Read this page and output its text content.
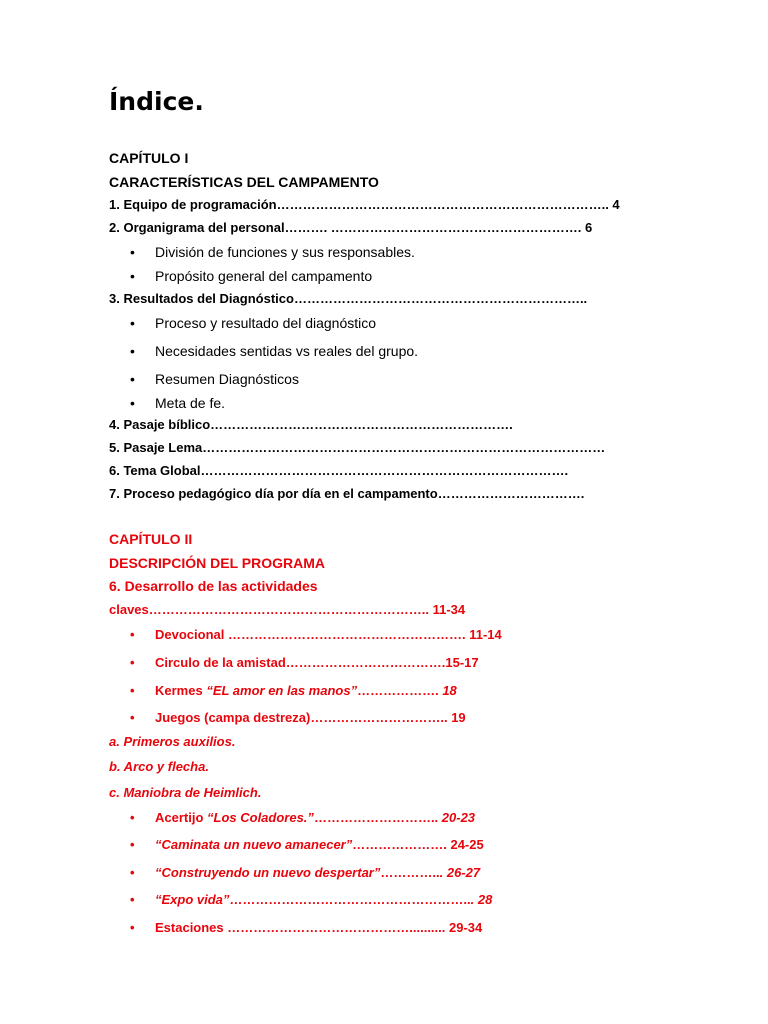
Índice.
CAPÍTULO I
CARACTERÍSTICAS DEL CAMPAMENTO
1. Equipo de programación………………………………………………………………….. 4
2. Organigrama del personal………. …………………………………………………. 6
• División de funciones y sus responsables.
• Propósito general del campamento
3. Resultados del Diagnóstico…………………………………………………………..
• Proceso y resultado del diagnóstico
• Necesidades sentidas vs reales del grupo.
• Resumen Diagnósticos
• Meta de fe.
4. Pasaje bíblico…………………………………………………………….
5. Pasaje Lema…………………………………………………………………………………
6. Tema Global………………………………………………………………………….
7. Proceso pedagógico día por día en el campamento…………………………….
CAPÍTULO II
DESCRIPCIÓN DEL PROGRAMA
6. Desarrollo de las actividades
claves……………………………………………………….. 11-34
• Devocional ………………………………………………. 11-14
• Circulo de la amistad……………………………….15-17
• Kermes “EL amor en las manos”………………. 18
• Juegos (campa destreza)………………………….. 19
a. Primeros auxilios.
b. Arco y flecha.
c. Maniobra de Heimlich.
• Acertijo “Los Coladores.”……………………….. 20-23
• “Caminata un nuevo amanecer”…………………. 24-25
• “Construyendo un nuevo despertar”…………... 26-27
• “Expo vida”………………………………………………... 28
• Estaciones …………………………………….......... 29-34
